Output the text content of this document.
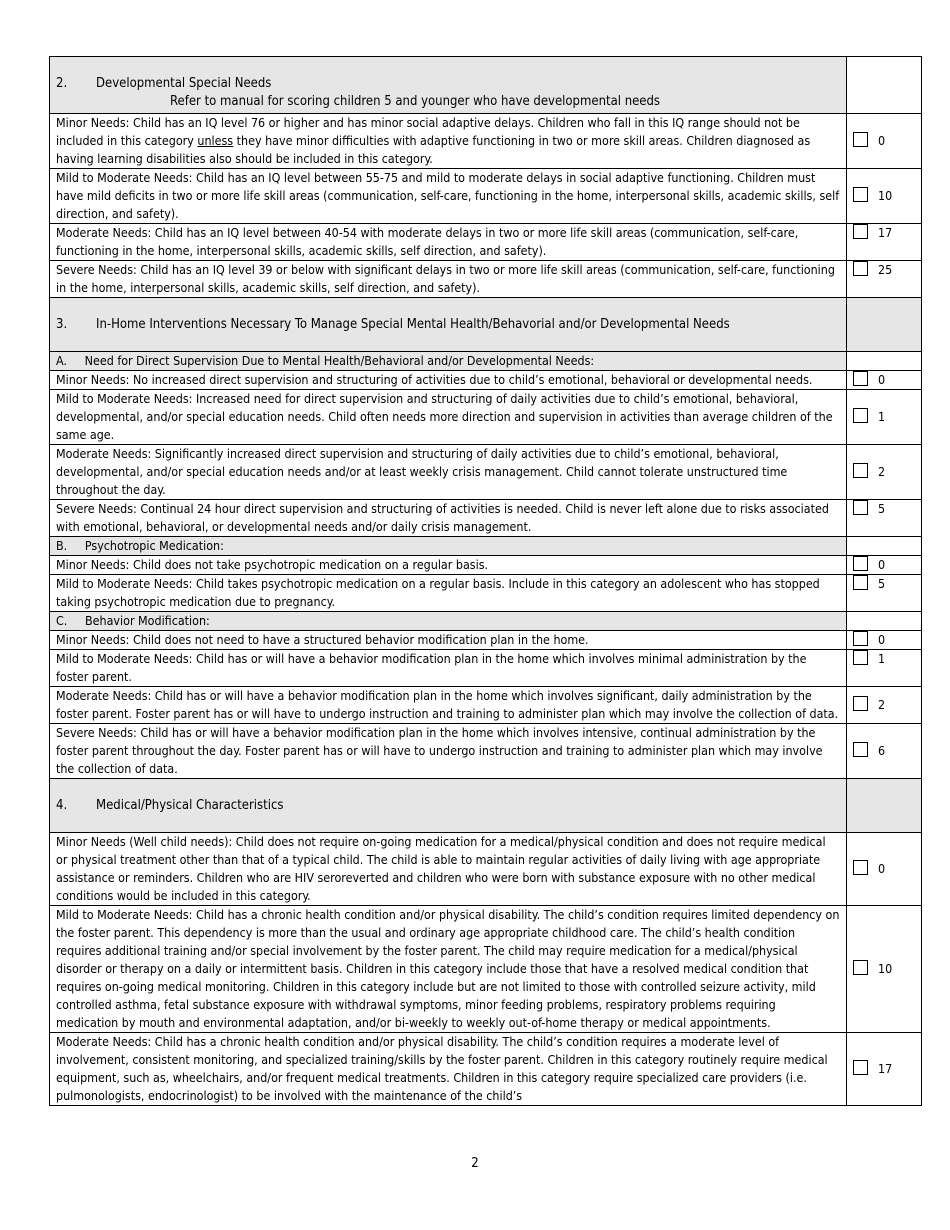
2. Developmental Special Needs
Refer to manual for scoring children 5 and younger who have developmental needs	

Minor Needs: Child has an IQ level 76 or higher and has minor social adaptive delays. Children who fall in this IQ range should not be included in this category unless they have minor difficulties with adaptive functioning in two or more skill areas. Children diagnosed as having learning disabilities also should be included in this category.	0
Mild to Moderate Needs: Child has an IQ level between 55-75 and mild to moderate delays in social adaptive functioning. Children must have mild deficits in two or more life skill areas (communication, self-care, functioning in the home, interpersonal skills, academic skills, self direction, and safety).	10
Moderate Needs: Child has an IQ level between 40-54 with moderate delays in two or more life skill areas (communication, self-care, functioning in the home, interpersonal skills, academic skills, self direction, and safety).	17
Severe Needs: Child has an IQ level 39 or below with significant delays in two or more life skill areas (communication, self-care, functioning in the home, interpersonal skills, academic skills, self direction, and safety).	25
3. In-Home Interventions Necessary To Manage Special Mental Health/Behavorial and/or Developmental Needs	
A.     Need for Direct Supervision Due to Mental Health/Behavioral and/or Developmental Needs:	
Minor Needs: No increased direct supervision and structuring of activities due to child’s emotional, behavioral or developmental needs.	0
Mild to Moderate Needs: Increased need for direct supervision and structuring of daily activities due to child’s emotional, behavioral, developmental, and/or special education needs. Child often needs more direction and supervision in activities than average children of the same age.	1
Moderate Needs: Significantly increased direct supervision and structuring of daily activities due to child’s emotional, behavioral, developmental, and/or special education needs and/or at least weekly crisis management. Child cannot tolerate unstructured time throughout the day.	2
Severe Needs: Continual 24 hour direct supervision and structuring of activities is needed. Child is never left alone due to risks associated with emotional, behavioral, or developmental needs and/or daily crisis management.	5
B.     Psychotropic Medication:	
Minor Needs: Child does not take psychotropic medication on a regular basis.	0
Mild to Moderate Needs: Child takes psychotropic medication on a regular basis. Include in this category an adolescent who has stopped taking psychotropic medication due to pregnancy.	5
C.     Behavior Modification:	
Minor Needs: Child does not need to have a structured behavior modification plan in the home.	0
Mild to Moderate Needs: Child has or will have a behavior modification plan in the home which involves minimal administration by the foster parent.	1
Moderate Needs: Child has or will have a behavior modification plan in the home which involves significant, daily administration by the foster parent. Foster parent has or will have to undergo instruction and training to administer plan which may involve the collection of data.	2
Severe Needs: Child has or will have a behavior modification plan in the home which involves intensive, continual administration by the foster parent throughout the day. Foster parent has or will have to undergo instruction and training to administer plan which may involve the collection of data.	6
4. Medical/Physical Characteristics	
Minor Needs (Well child needs): Child does not require on-going medication for a medical/physical condition and does not require medical or physical treatment other than that of a typical child. The child is able to maintain regular activities of daily living with age appropriate assistance or reminders. Children who are HIV seroreverted and children who were born with substance exposure with no other medical conditions would be included in this category.	0
Mild to Moderate Needs: Child has a chronic health condition and/or physical disability. The child’s condition requires limited dependency on the foster parent. This dependency is more than the usual and ordinary age appropriate childhood care. The child’s health condition requires additional training and/or special involvement by the foster parent. The child may require medication for a medical/physical disorder or therapy on a daily or intermittent basis. Children in this category include those that have a resolved medical condition that requires on-going medical monitoring. Children in this category include but are not limited to those with controlled seizure activity, mild controlled asthma, fetal substance exposure with withdrawal symptoms, minor feeding problems, respiratory problems requiring medication by mouth and environmental adaptation, and/or bi-weekly to weekly out-of-home therapy or medical appointments.	10
Moderate Needs: Child has a chronic health condition and/or physical disability. The child’s condition requires a moderate level of involvement, consistent monitoring, and specialized training/skills by the foster parent. Children in this category routinely require medical equipment, such as, wheelchairs, and/or frequent medical treatments. Children in this category require specialized care providers (i.e. pulmonologists, endocrinologist) to be involved with the maintenance of the child’s	17
2
